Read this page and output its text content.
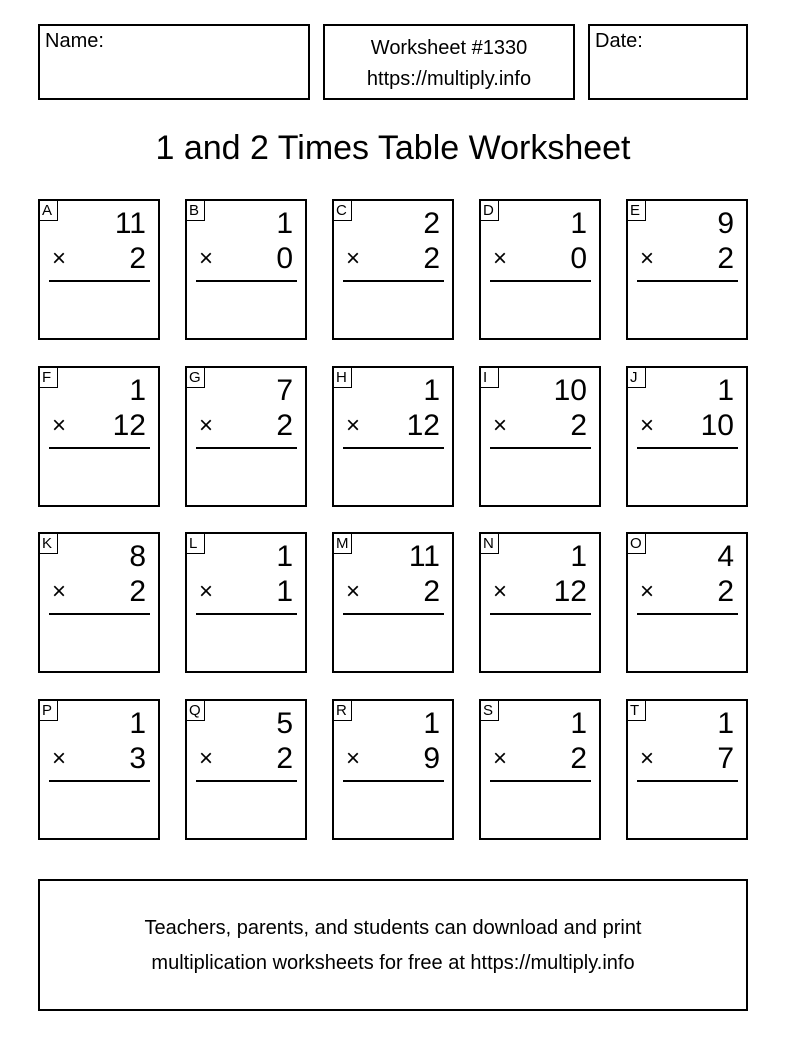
Name:	Worksheet #1330
https://multiply.info
Date:
1 and 2 Times Table Worksheet
A 11
× 2
B	1
× 0
C	2
× 2
D	1
× 0
E	9
× 2
F	1
× 12
G	7
× 2
H	1
× 12
I	10
× 2
J	1
× 10
K	8
× 2
L	1
× 1
M 11
× 2
N	1
× 12
O	4
× 2
P	1
× 3
Q	5
× 2
R	1
× 9
S	1
× 2
T	1
× 7
Teachers, parents, and students can download and print
multiplication worksheets for free at https://multiply.info
